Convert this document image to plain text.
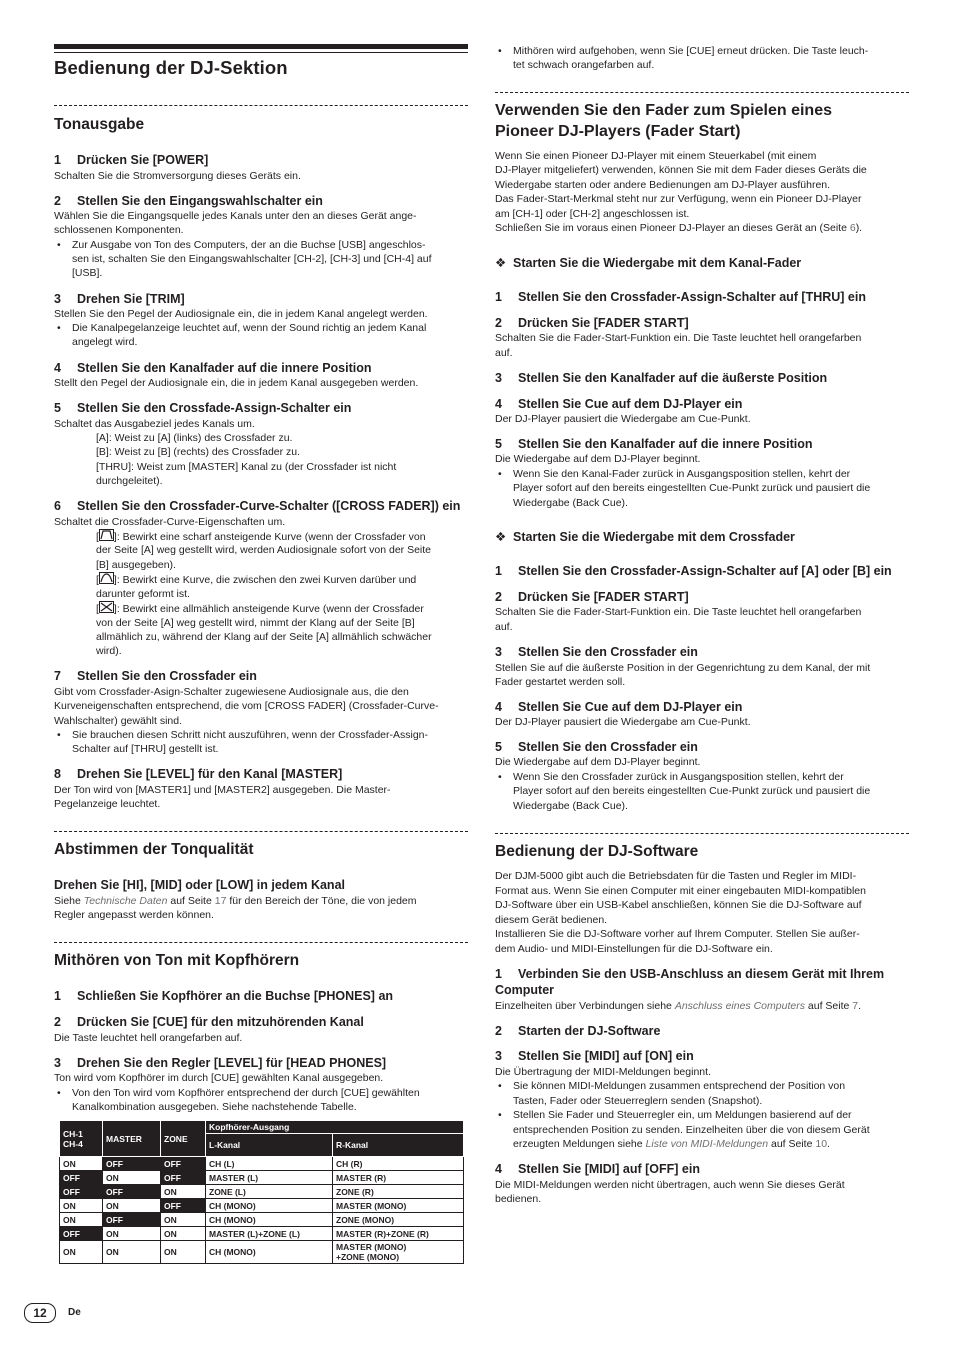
Bedienung der DJ-Sektion
Tonausgabe

1 Drücken Sie [POWER]

Schalten Sie die Stromversorgung dieses Geräts ein.

2 Stellen Sie den Eingangswahlschalter ein

Wählen Sie die Eingangsquelle jedes Kanals unter den an dieses Gerät ange-

schlossenen Komponenten.

• Zur Ausgabe von Ton des Computers, der an die Buchse [USB] angeschlos-

sen ist, schalten Sie den Eingangswahlschalter [CH-2], [CH-3] und [CH-4] auf

[USB].

3 Drehen Sie [TRIM]

Stellen Sie den Pegel der Audiosignale ein, die in jedem Kanal angelegt werden.

• Die Kanalpegelanzeige leuchtet auf, wenn der Sound richtig an jedem Kanal

angelegt wird.

4 Stellen Sie den Kanalfader auf die innere Position

Stellt den Pegel der Audiosignale ein, die in jedem Kanal ausgegeben werden.

5 Stellen Sie den Crossfade-Assign-Schalter ein

Schaltet das Ausgabeziel jedes Kanals um.

[A]: Weist zu [A] (links) des Crossfader zu.

[B]: Weist zu [B] (rechts) des Crossfader zu.

[THRU]: Weist zum [MASTER] Kanal zu (der Crossfader ist nicht

durchgeleitet).

6 Stellen Sie den Crossfader-Curve-Schalter ([CROSS FADER]) ein

Schaltet die Crossfader-Curve-Eigenschaften um.

[ ]: Bewirkt eine scharf ansteigende Kurve (wenn der Crossfader von

der Seite [A] weg gestellt wird, werden Audiosignale sofort von der Seite

[B] ausgegeben).

[ ]: Bewirkt eine Kurve, die zwischen den zwei Kurven darüber und

darunter geformt ist.

[ ]: Bewirkt eine allmählich ansteigende Kurve (wenn der Crossfader

von der Seite [A] weg gestellt wird, nimmt der Klang auf der Seite [B]

allmählich zu, während der Klang auf der Seite [A] allmählich schwächer

wird).

7 Stellen Sie den Crossfader ein

Gibt vom Crossfader-Asign-Schalter zugewiesene Audiosignale aus, die den

Kurveneigenschaften entsprechend, die vom [CROSS FADER] (Crossfader-Curve-

Wahlschalter) gewählt sind.

• Sie brauchen diesen Schritt nicht auszuführen, wenn der Crossfader-Assign-

Schalter auf [THRU] gestellt ist.

8 Drehen Sie [LEVEL] für den Kanal [MASTER]

Der Ton wird von [MASTER1] und [MASTER2] ausgegeben. Die Master-

Pegelanzeige leuchtet.

Abstimmen der Tonqualität

Drehen Sie [HI], [MID] oder [LOW] in jedem Kanal

Siehe Technische Daten auf Seite 17 für den Bereich der Töne, die von jedem

Regler angepasst werden können.

Mithören von Ton mit Kopfhörern

1 Schließen Sie Kopfhörer an die Buchse [PHONES] an

2 Drücken Sie [CUE] für den mitzuhörenden Kanal

Die Taste leuchtet hell orangefarben auf.

3 Drehen Sie den Regler [LEVEL] für [HEAD PHONES]

Ton wird vom Kopfhörer im durch [CUE] gewählten Kanal ausgegeben.

• Von den Ton wird vom Kopfhörer entsprechend der durch [CUE] gewählten

Kanalkombination ausgegeben. Siehe nachstehende Tabelle.

CH-1
CH-4	MASTER	ZONE	Kopfhörer-Ausgang	
			L-Kanal	R-Kanal
ON	OFF	OFF	CH (L)	CH (R)
OFF	ON	OFF	MASTER (L)	MASTER (R)
OFF	OFF	ON	ZONE (L)	ZONE (R)
ON	ON	OFF	CH (MONO)	MASTER (MONO)
ON	OFF	ON	CH (MONO)	ZONE (MONO)
OFF	ON	ON	MASTER (L)+ZONE (L)	MASTER (R)+ZONE (R)
ON	ON	ON	CH (MONO)	MASTER (MONO)
+ZONE (MONO)

• Mithören wird aufgehoben, wenn Sie [CUE] erneut drücken. Die Taste leuch-

tet schwach orangefarben auf.

Verwenden Sie den Fader zum Spielen eines
Pioneer DJ-Players (Fader Start)

Wenn Sie einen Pioneer DJ-Player mit einem Steuerkabel (mit einem

DJ-Player mitgeliefert) verwenden, können Sie mit dem Fader dieses Geräts die

Wiedergabe starten oder andere Bedienungen am DJ-Player ausführen.

Das Fader-Start-Merkmal steht nur zur Verfügung, wenn ein Pioneer DJ-Player

am [CH-1] oder [CH-2] angeschlossen ist.

Schließen Sie im voraus einen Pioneer DJ-Player an dieses Gerät an (Seite 6).

❖ Starten Sie die Wiedergabe mit dem Kanal-Fader

1 Stellen Sie den Crossfader-Assign-Schalter auf [THRU] ein

2 Drücken Sie [FADER START]

Schalten Sie die Fader-Start-Funktion ein. Die Taste leuchtet hell orangefarben

auf.

3 Stellen Sie den Kanalfader auf die äußerste Position

4 Stellen Sie Cue auf dem DJ-Player ein

Der DJ-Player pausiert die Wiedergabe am Cue-Punkt.

5 Stellen Sie den Kanalfader auf die innere Position

Die Wiedergabe auf dem DJ-Player beginnt.

• Wenn Sie den Kanal-Fader zurück in Ausgangsposition stellen, kehrt der

Player sofort auf den bereits eingestellten Cue-Punkt zurück und pausiert die

Wiedergabe (Back Cue).

❖ Starten Sie die Wiedergabe mit dem Crossfader

1 Stellen Sie den Crossfader-Assign-Schalter auf [A] oder [B] ein

2 Drücken Sie [FADER START]

Schalten Sie die Fader-Start-Funktion ein. Die Taste leuchtet hell orangefarben

auf.

3 Stellen Sie den Crossfader ein

Stellen Sie auf die äußerste Position in der Gegenrichtung zu dem Kanal, der mit

Fader gestartet werden soll.

4 Stellen Sie Cue auf dem DJ-Player ein

Der DJ-Player pausiert die Wiedergabe am Cue-Punkt.

5 Stellen Sie den Crossfader ein

Die Wiedergabe auf dem DJ-Player beginnt.

• Wenn Sie den Crossfader zurück in Ausgangsposition stellen, kehrt der

Player sofort auf den bereits eingestellten Cue-Punkt zurück und pausiert die

Wiedergabe (Back Cue).

Bedienung der DJ-Software

Der DJM-5000 gibt auch die Betriebsdaten für die Tasten und Regler im MIDI-

Format aus. Wenn Sie einen Computer mit einer eingebauten MIDI-kompatiblen

DJ-Software über ein USB-Kabel anschließen, können Sie die DJ-Software auf

diesem Gerät bedienen.

Installieren Sie die DJ-Software vorher auf Ihrem Computer. Stellen Sie außer-

dem Audio- und MIDI-Einstellungen für die DJ-Software ein.

1 Verbinden Sie den USB-Anschluss an diesem Gerät mit Ihrem

Computer

Einzelheiten über Verbindungen siehe Anschluss eines Computers auf Seite 7.

2 Starten der DJ-Software

3 Stellen Sie [MIDI] auf [ON] ein

Die Übertragung der MIDI-Meldungen beginnt.

• Sie können MIDI-Meldungen zusammen entsprechend der Position von

Tasten, Fader oder Steuerreglern senden (Snapshot).

• Stellen Sie Fader und Steuerregler ein, um Meldungen basierend auf der

entsprechenden Position zu senden. Einzelheiten über die von diesem Gerät

erzeugten Meldungen siehe Liste von MIDI-Meldungen auf Seite 10.

4 Stellen Sie [MIDI] auf [OFF] ein

Die MIDI-Meldungen werden nicht übertragen, auch wenn Sie dieses Gerät

bedienen.

12	De
